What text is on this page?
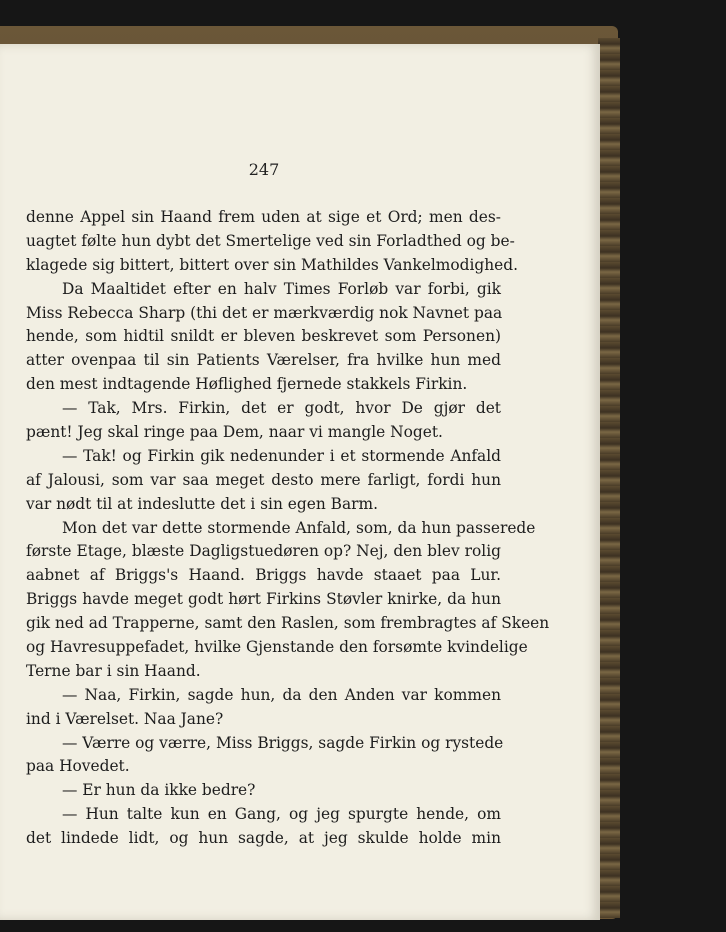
247
denne Appel sin Haand frem uden at sige et Ord; men des-
uagtet følte hun dybt det Smertelige ved sin Forladthed og be-
klagede sig bittert, bittert over sin Mathildes Vankelmodighed.
Da Maaltidet efter en halv Times Forløb var forbi, gik
Miss Rebecca Sharp (thi det er mærkværdig nok Navnet paa
hende, som hidtil snildt er bleven beskrevet som Personen)
atter ovenpaa til sin Patients Værelser, fra hvilke hun med
den mest indtagende Høflighed fjernede stakkels Firkin.
— Tak, Mrs. Firkin, det er godt, hvor De gjør det
pænt! Jeg skal ringe paa Dem, naar vi mangle Noget.
— Tak! og Firkin gik nedenunder i et stormende Anfald
af Jalousi, som var saa meget desto mere farligt, fordi hun
var nødt til at indeslutte det i sin egen Barm.
Mon det var dette stormende Anfald, som, da hun passerede
første Etage, blæste Dagligstuedøren op? Nej, den blev rolig
aabnet af Briggs's Haand. Briggs havde staaet paa Lur.
Briggs havde meget godt hørt Firkins Støvler knirke, da hun
gik ned ad Trapperne, samt den Raslen, som frembragtes af Skeen
og Havresuppefadet, hvilke Gjenstande den forsømte kvindelige
Terne bar i sin Haand.
— Naa, Firkin, sagde hun, da den Anden var kommen
ind i Værelset. Naa Jane?
— Værre og værre, Miss Briggs, sagde Firkin og rystede
paa Hovedet.
— Er hun da ikke bedre?
— Hun talte kun en Gang, og jeg spurgte hende, om
det lindede lidt, og hun sagde, at jeg skulde holde min
